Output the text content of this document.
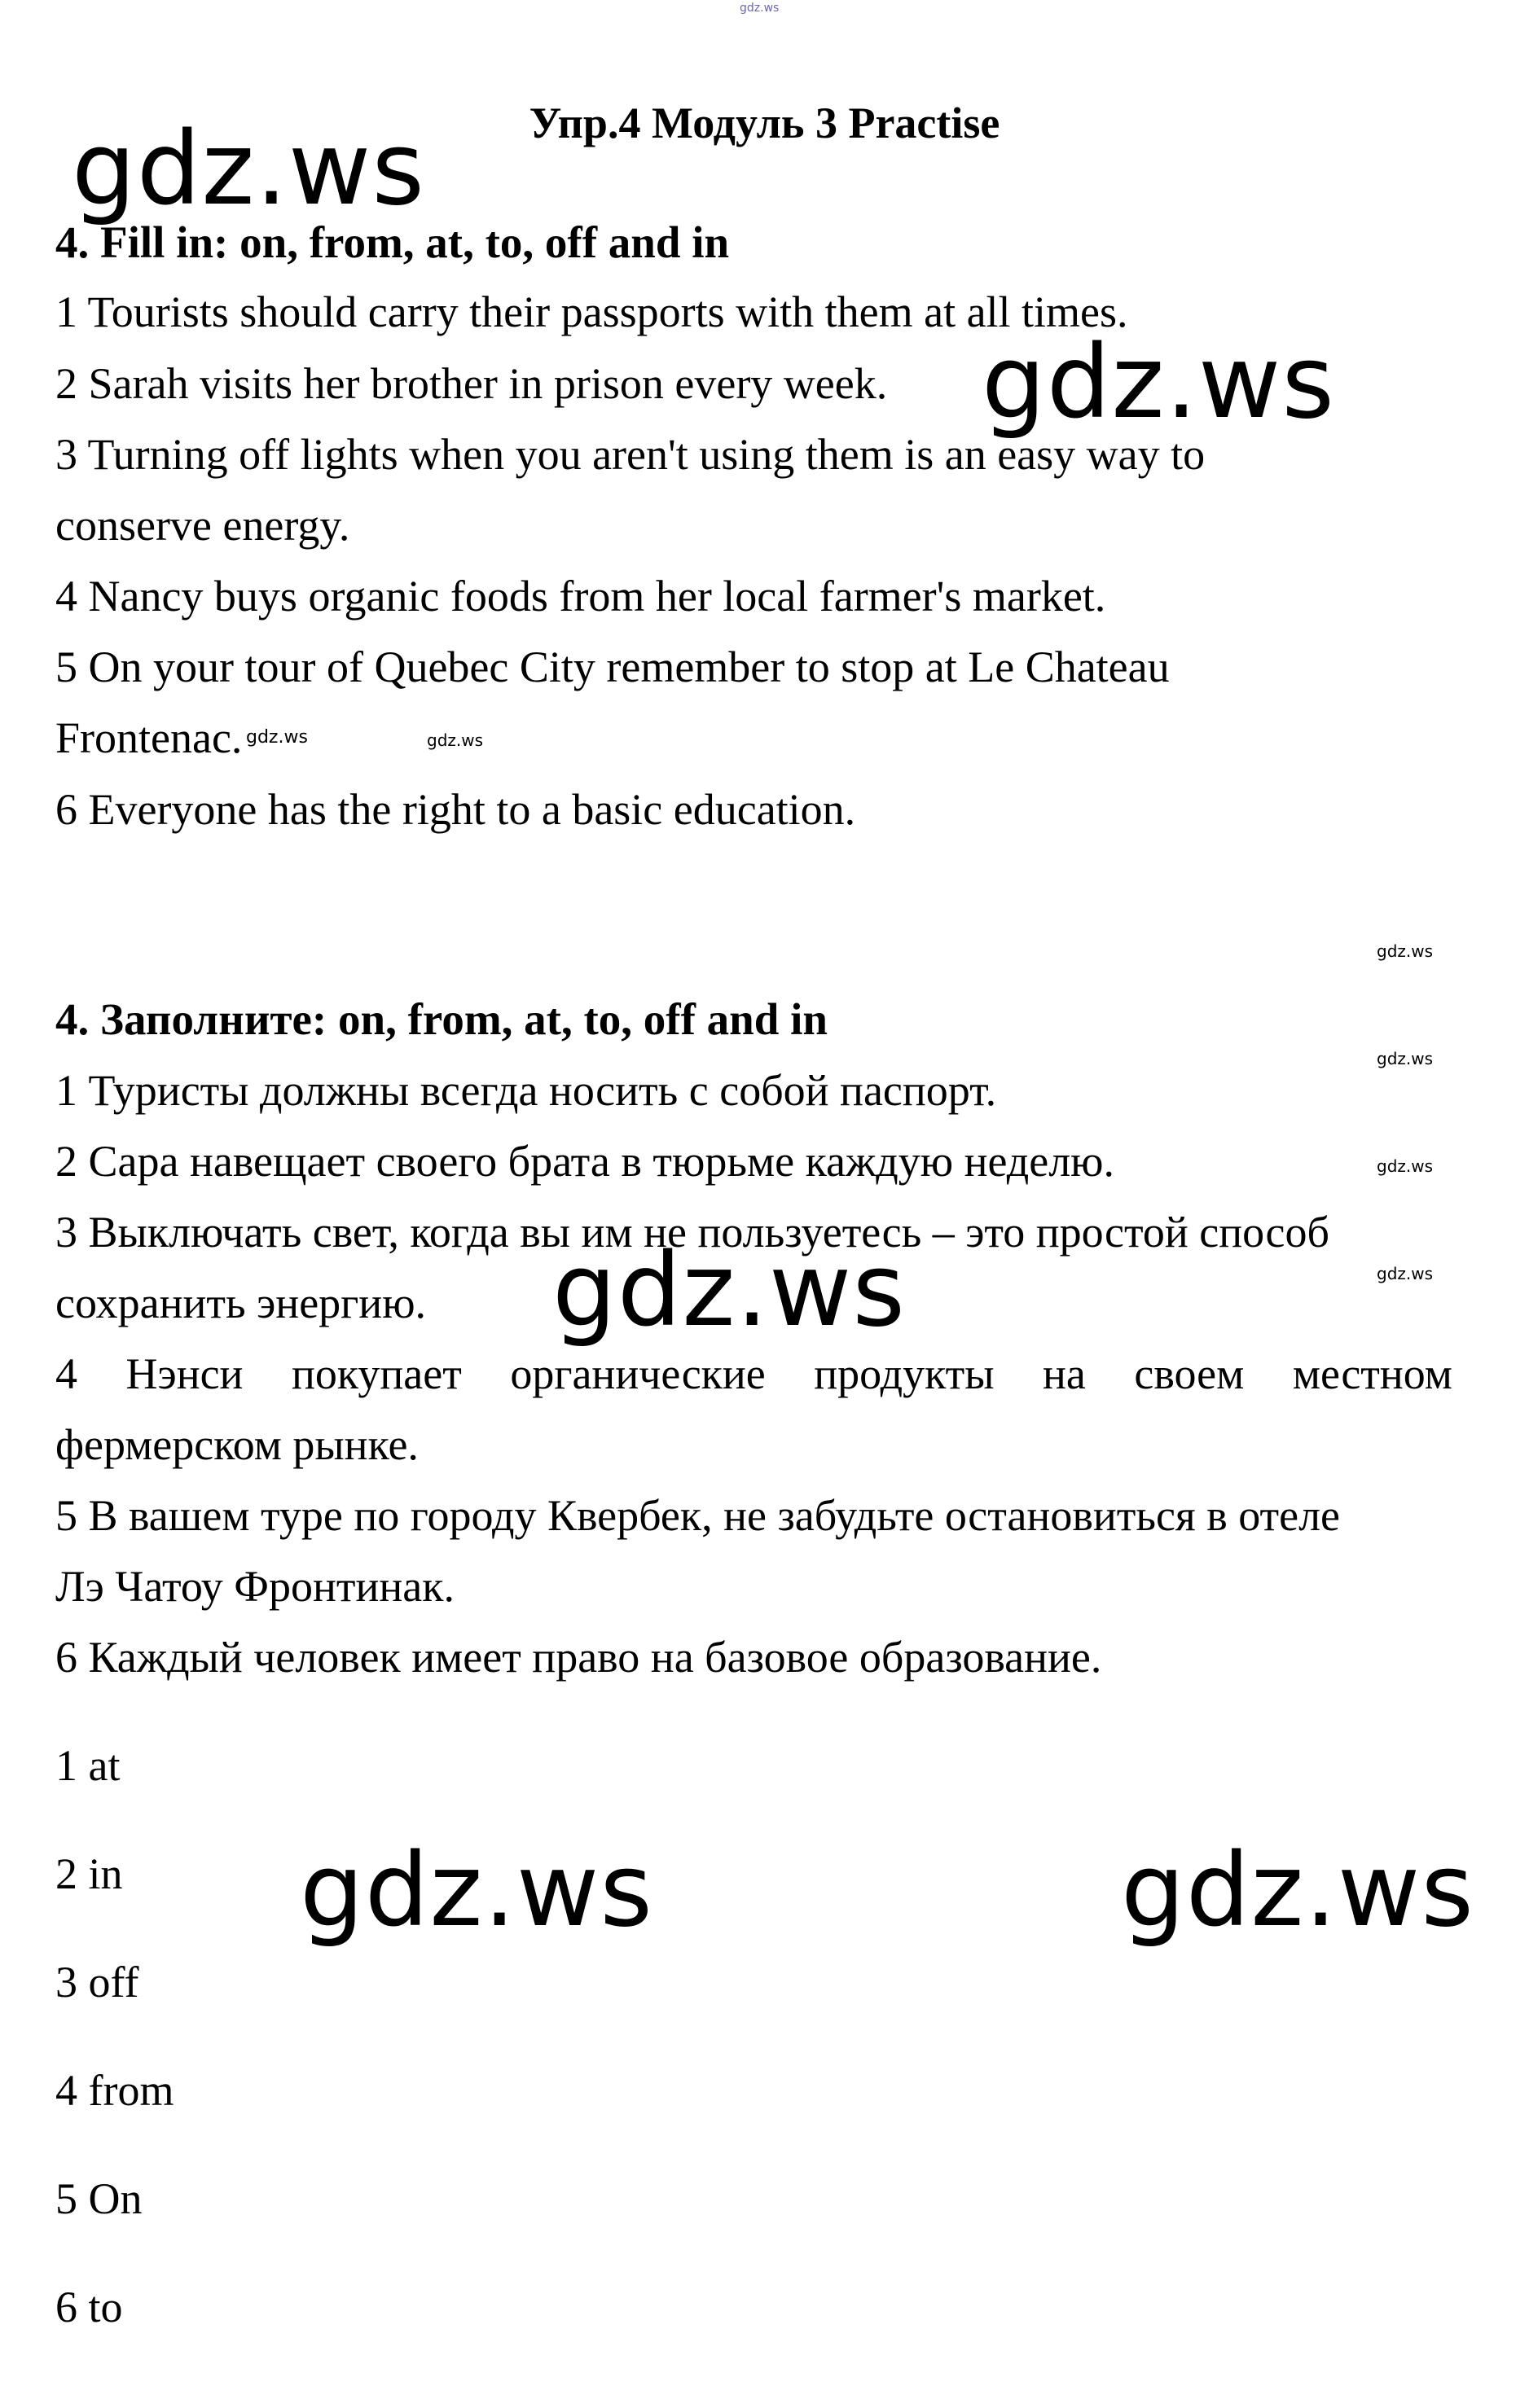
gdz.ws
Упр.4 Модуль 3 Practise
gdz.ws
4. Fill in: on, from, at, to, off and in
1 Tourists should carry their passports with them at all times.
2 Sarah visits her brother in prison every week.
3 Turning off lights when you aren't using them is an easy way to
conserve energy.
4 Nancy buys organic foods from her local farmer's market.
5 On your tour of Quebec City remember to stop at Le Chateau
Frontenac.
6 Everyone has the right to a basic education.
gdz.ws
gdz.ws	gdz.ws
gdz.ws
gdz.ws
gdz.ws
gdz.ws
4. Заполните: on, from, at, to, off and in
1 Туристы должны всегда носить с собой паспорт.
2 Сара навещает своего брата в тюрьме каждую неделю.
3 Выключать свет, когда вы им не пользуетесь – это простой способ
сохранить энергию.
4 Нэнси покупает органические продукты на своем местном
фермерском рынке.
5 В вашем туре по городу Квербек, не забудьте остановиться в отеле
Лэ Чатоу Фронтинак.
6 Каждый человек имеет право на базовое образование.
gdz.ws
1 at
2 in
3 off
4 from
5 On
6 to
gdz.ws	gdz.ws
